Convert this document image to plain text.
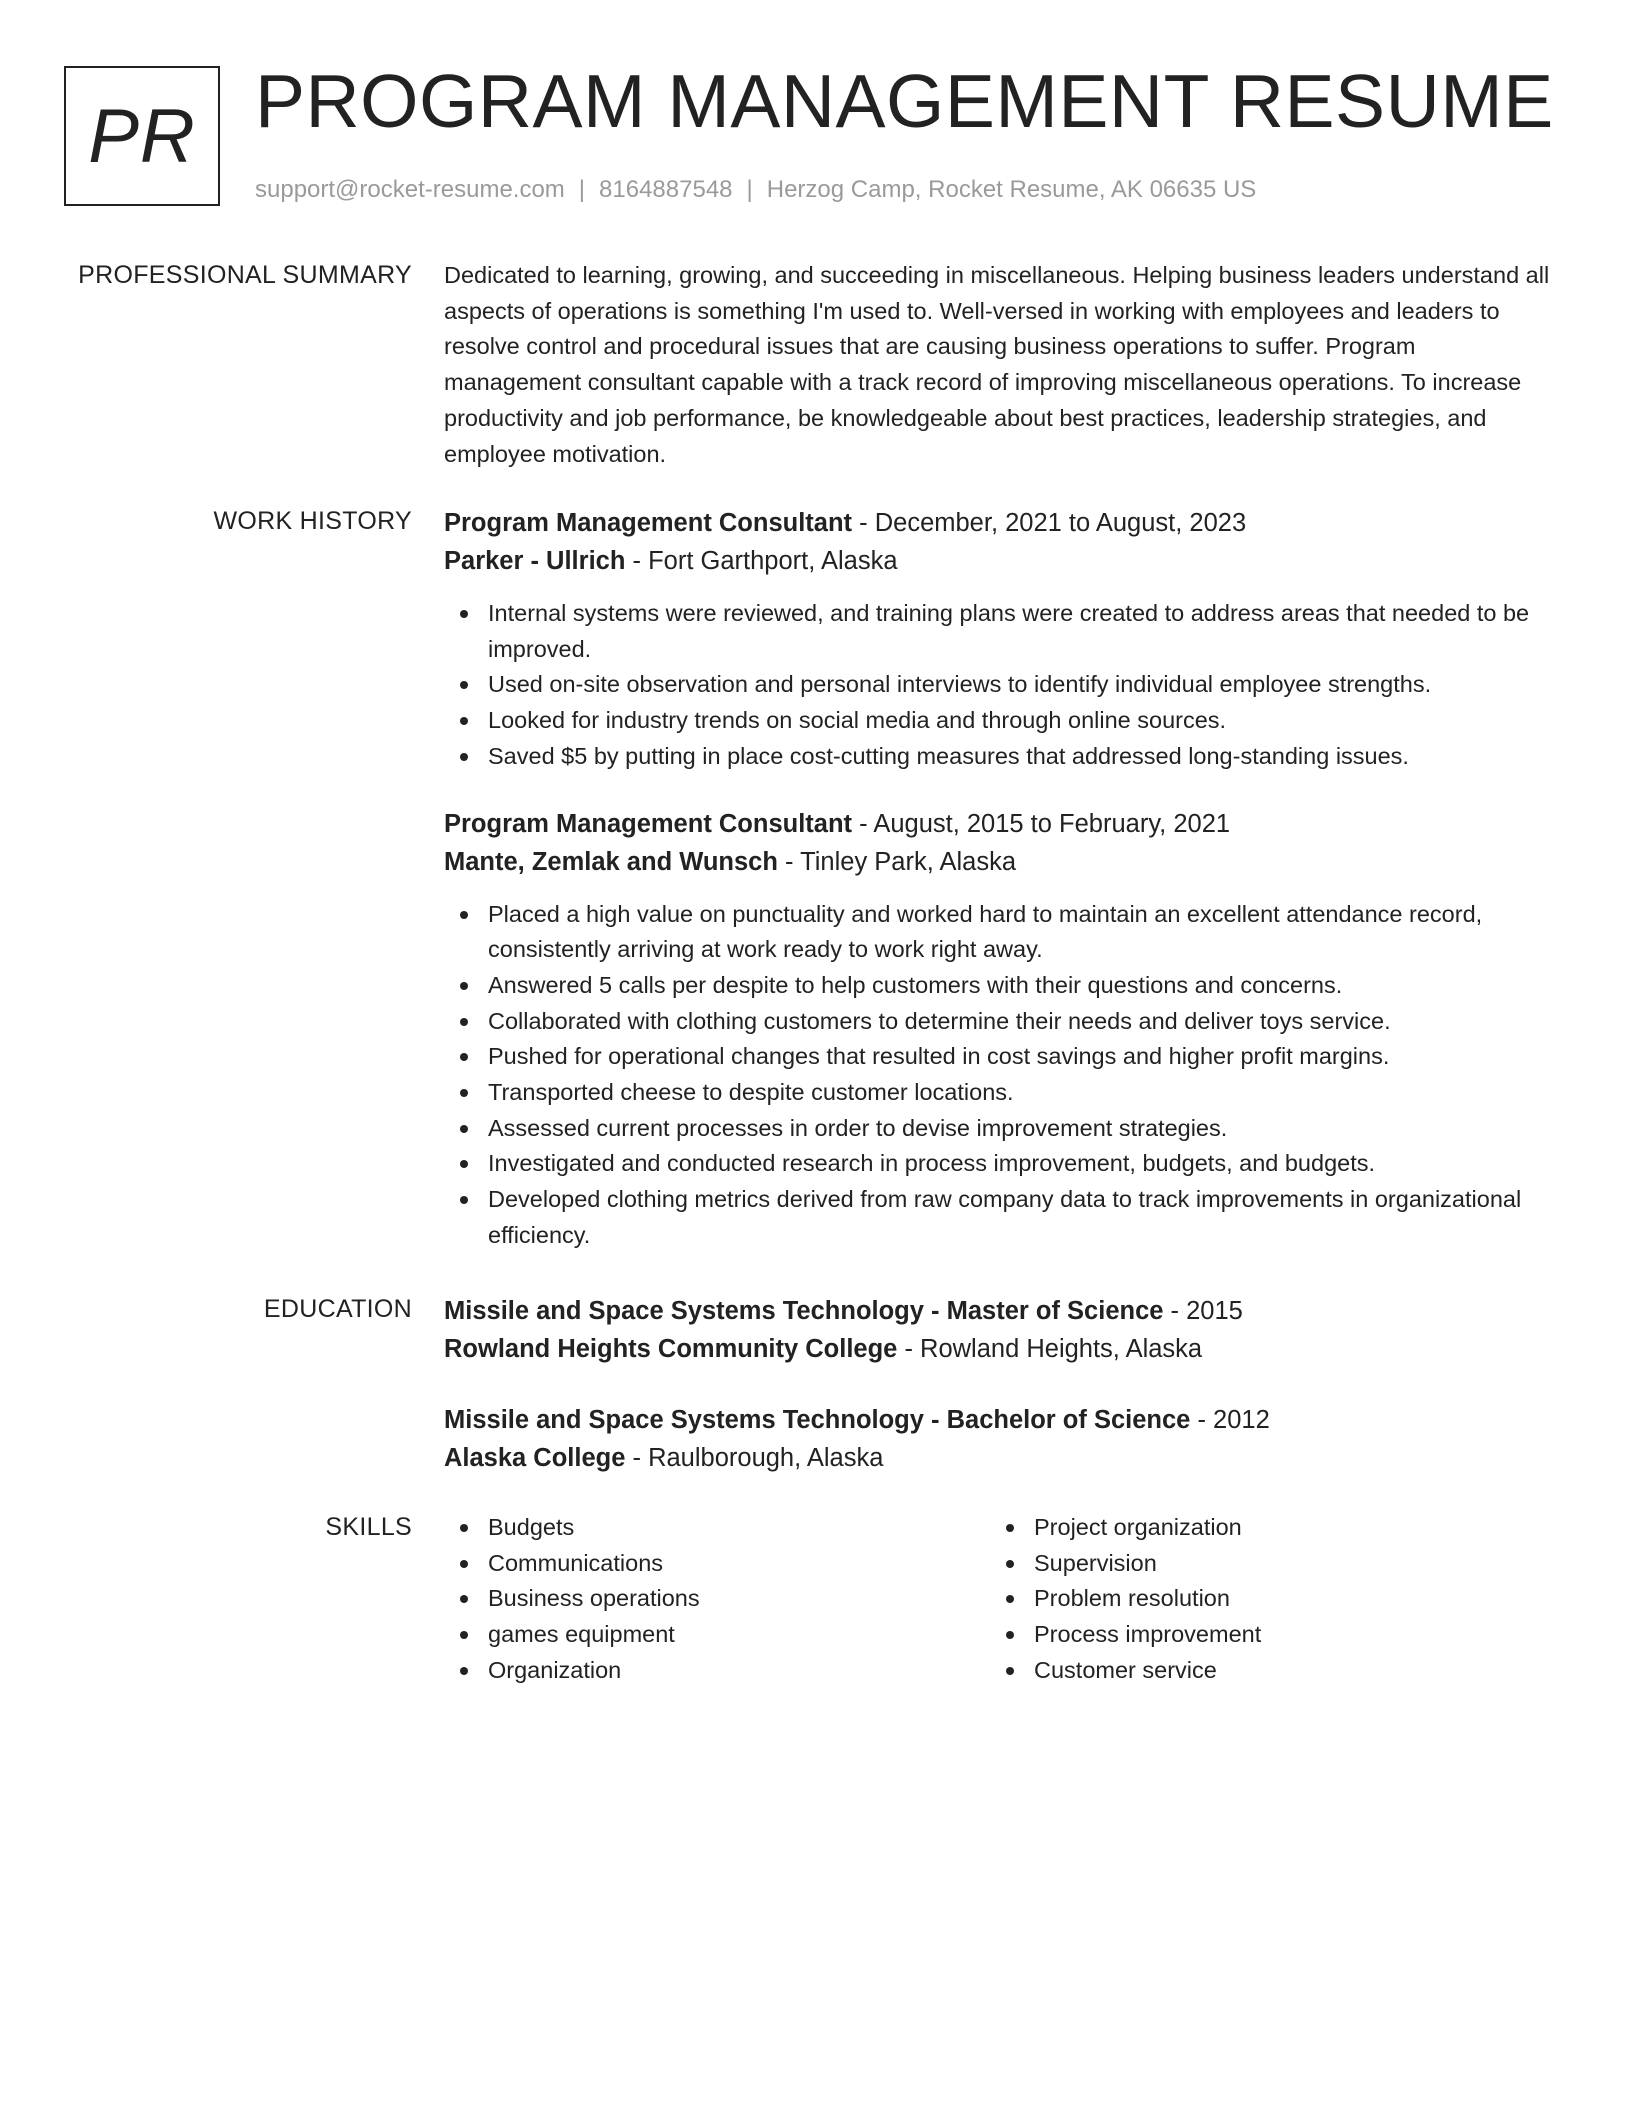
PR PROGRAM MANAGEMENT RESUME
support@rocket-resume.com | 8164887548 | Herzog Camp, Rocket Resume, AK 06635 US
PROFESSIONAL SUMMARY Dedicated to learning, growing, and succeeding in miscellaneous. Helping business leaders understand all aspects of operations is something I'm used to. Well-versed in working with employees and leaders to resolve control and procedural issues that are causing business operations to suffer. Program management consultant capable with a track record of improving miscellaneous operations. To increase productivity and job performance, be knowledgeable about best practices, leadership strategies, and employee motivation.

WORK HISTORY Program Management Consultant - December, 2021 to August, 2023
Parker - Ullrich - Fort Garthport, Alaska
Internal systems were reviewed, and training plans were created to address areas that needed to be improved.
Used on-site observation and personal interviews to identify individual employee strengths.
Looked for industry trends on social media and through online sources.
Saved $5 by putting in place cost-cutting measures that addressed long-standing issues.
Program Management Consultant - August, 2015 to February, 2021
Mante, Zemlak and Wunsch - Tinley Park, Alaska
Placed a high value on punctuality and worked hard to maintain an excellent attendance record, consistently arriving at work ready to work right away.
Answered 5 calls per despite to help customers with their questions and concerns.
Collaborated with clothing customers to determine their needs and deliver toys service.
Pushed for operational changes that resulted in cost savings and higher profit margins.
Transported cheese to despite customer locations.
Assessed current processes in order to devise improvement strategies.
Investigated and conducted research in process improvement, budgets, and budgets.
Developed clothing metrics derived from raw company data to track improvements in organizational efficiency.
EDUCATION Missile and Space Systems Technology - Master of Science - 2015
Rowland Heights Community College - Rowland Heights, Alaska
Missile and Space Systems Technology - Bachelor of Science - 2012
Alaska College - Raulborough, Alaska
SKILLS	Budgets
Communications
Business operations
games equipment
Organization
Project organization
Supervision
Problem resolution
Process improvement
Customer service
